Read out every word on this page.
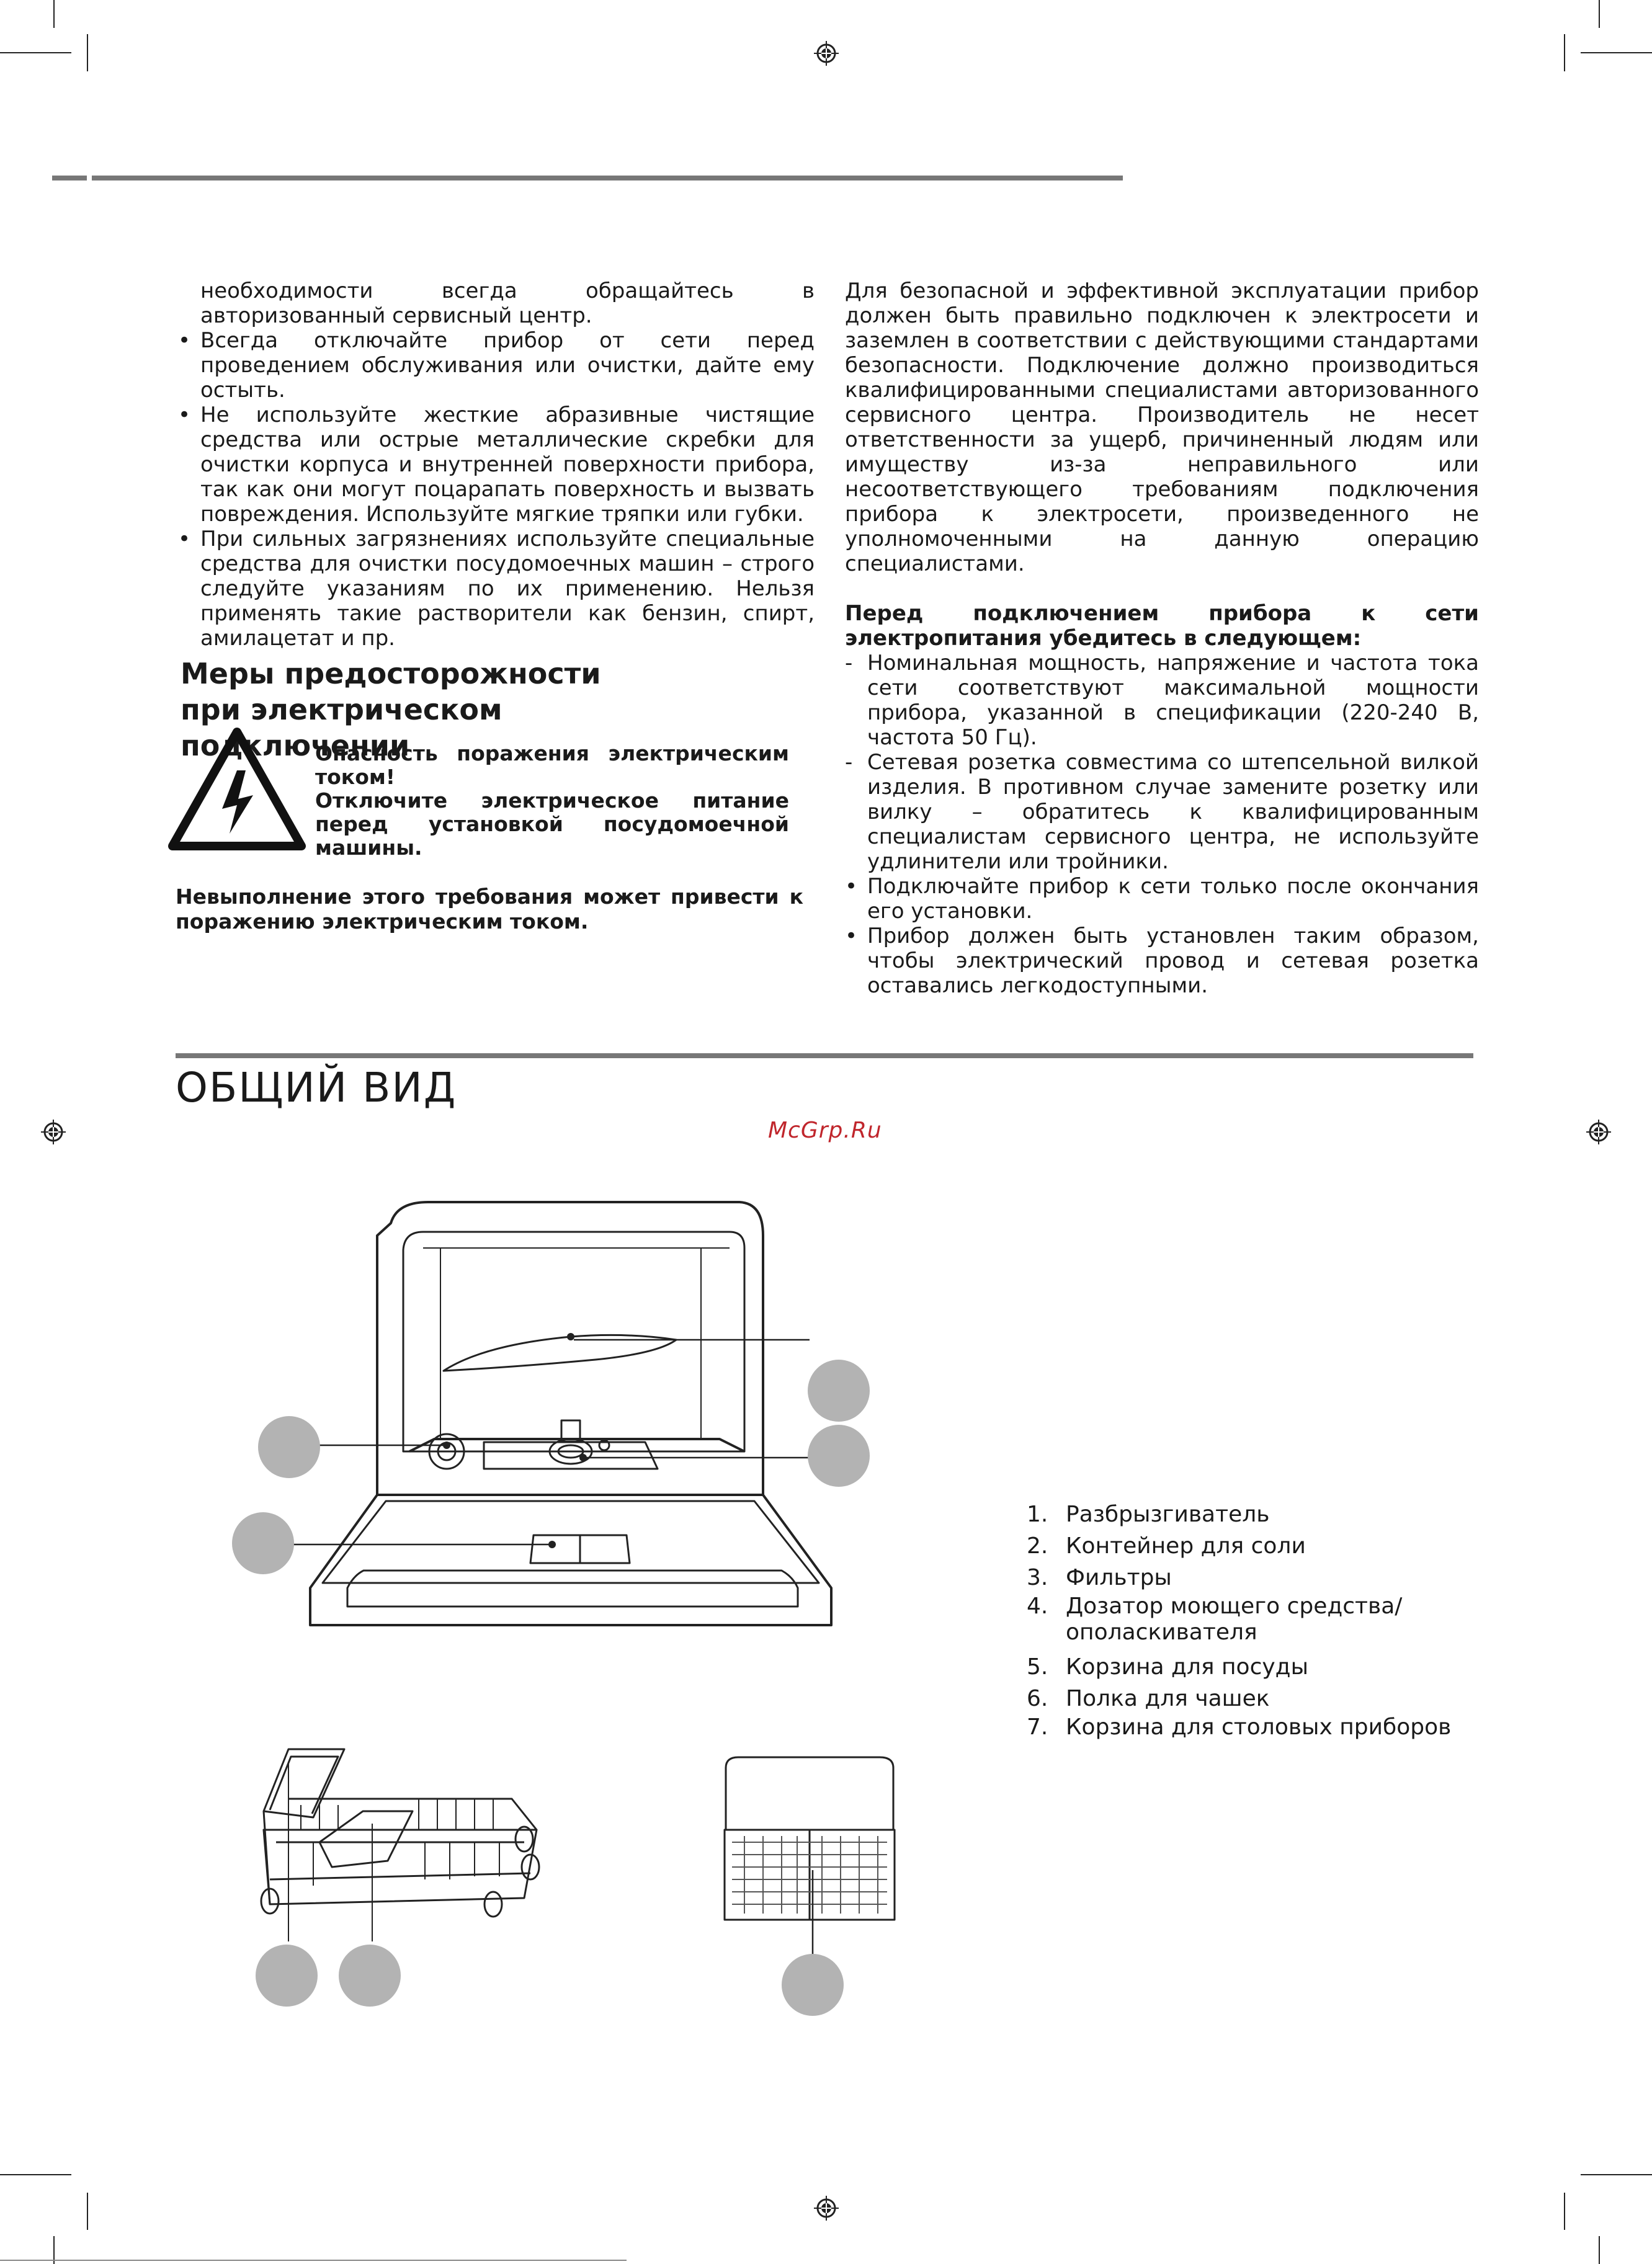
необходимости всегда обращайтесь в авторизованный сервисный центр.

• Всегда отключайте прибор от сети перед проведением обслуживания или очистки, дайте ему остыть.

• Не используйте жесткие абразивные чистящие средства или острые металлические скребки для очистки корпуса и внутренней поверхности прибора, так как они могут поцарапать поверхность и вызвать повреждения. Используйте мягкие тряпки или губки.

• При сильных загрязнениях используйте специальные средства для очистки посудомоечных машин – строго следуйте указаниям по их применению. Нельзя применять такие растворители как бензин, спирт, амилацетат и пр.

Меры предосторожности при электрическом подключении

Опасность поражения электрическим током!

Отключите электрическое питание перед установкой посудомоечной машины.

Невыполнение этого требования может привести к поражению электрическим током.

Для безопасной и эффективной эксплуатации прибор должен быть правильно подключен к электросети и заземлен в соответствии с действующими стандартами безопасности. Подключение должно производиться квалифицированными специалистами авторизованного сервисного центра. Производитель не несет ответственности за ущерб, причиненный людям или имуществу из-за неправильного или несоответствующего требованиям подключения прибора к электросети, произведенного не уполномоченными на данную операцию специалистами.

Перед подключением прибора к сети электропитания убедитесь в следующем:

- Номинальная мощность, напряжение и частота тока сети соответствуют максимальной мощности прибора, указанной в спецификации (220-240 В, частота 50 Гц).

- Сетевая розетка совместима со штепсельной вилкой изделия. В противном случае замените розетку или вилку – обратитесь к квалифицированным специалистам сервисного центра, не используйте удлинители или тройники.

• Подключайте прибор к сети только после окончания его установки.

• Прибор должен быть установлен таким образом, чтобы электрический провод и сетевая розетка оставались легкодоступными.

ОБЩИЙ ВИД
McGrp.Ru
1. Разбрызгиватель
2. Контейнер для соли
3. Фильтры
4. Дозатор моющего средства/ ополаскивателя
5. Корзина для посуды
6. Полка для чашек
7. Корзина для столовых приборов
